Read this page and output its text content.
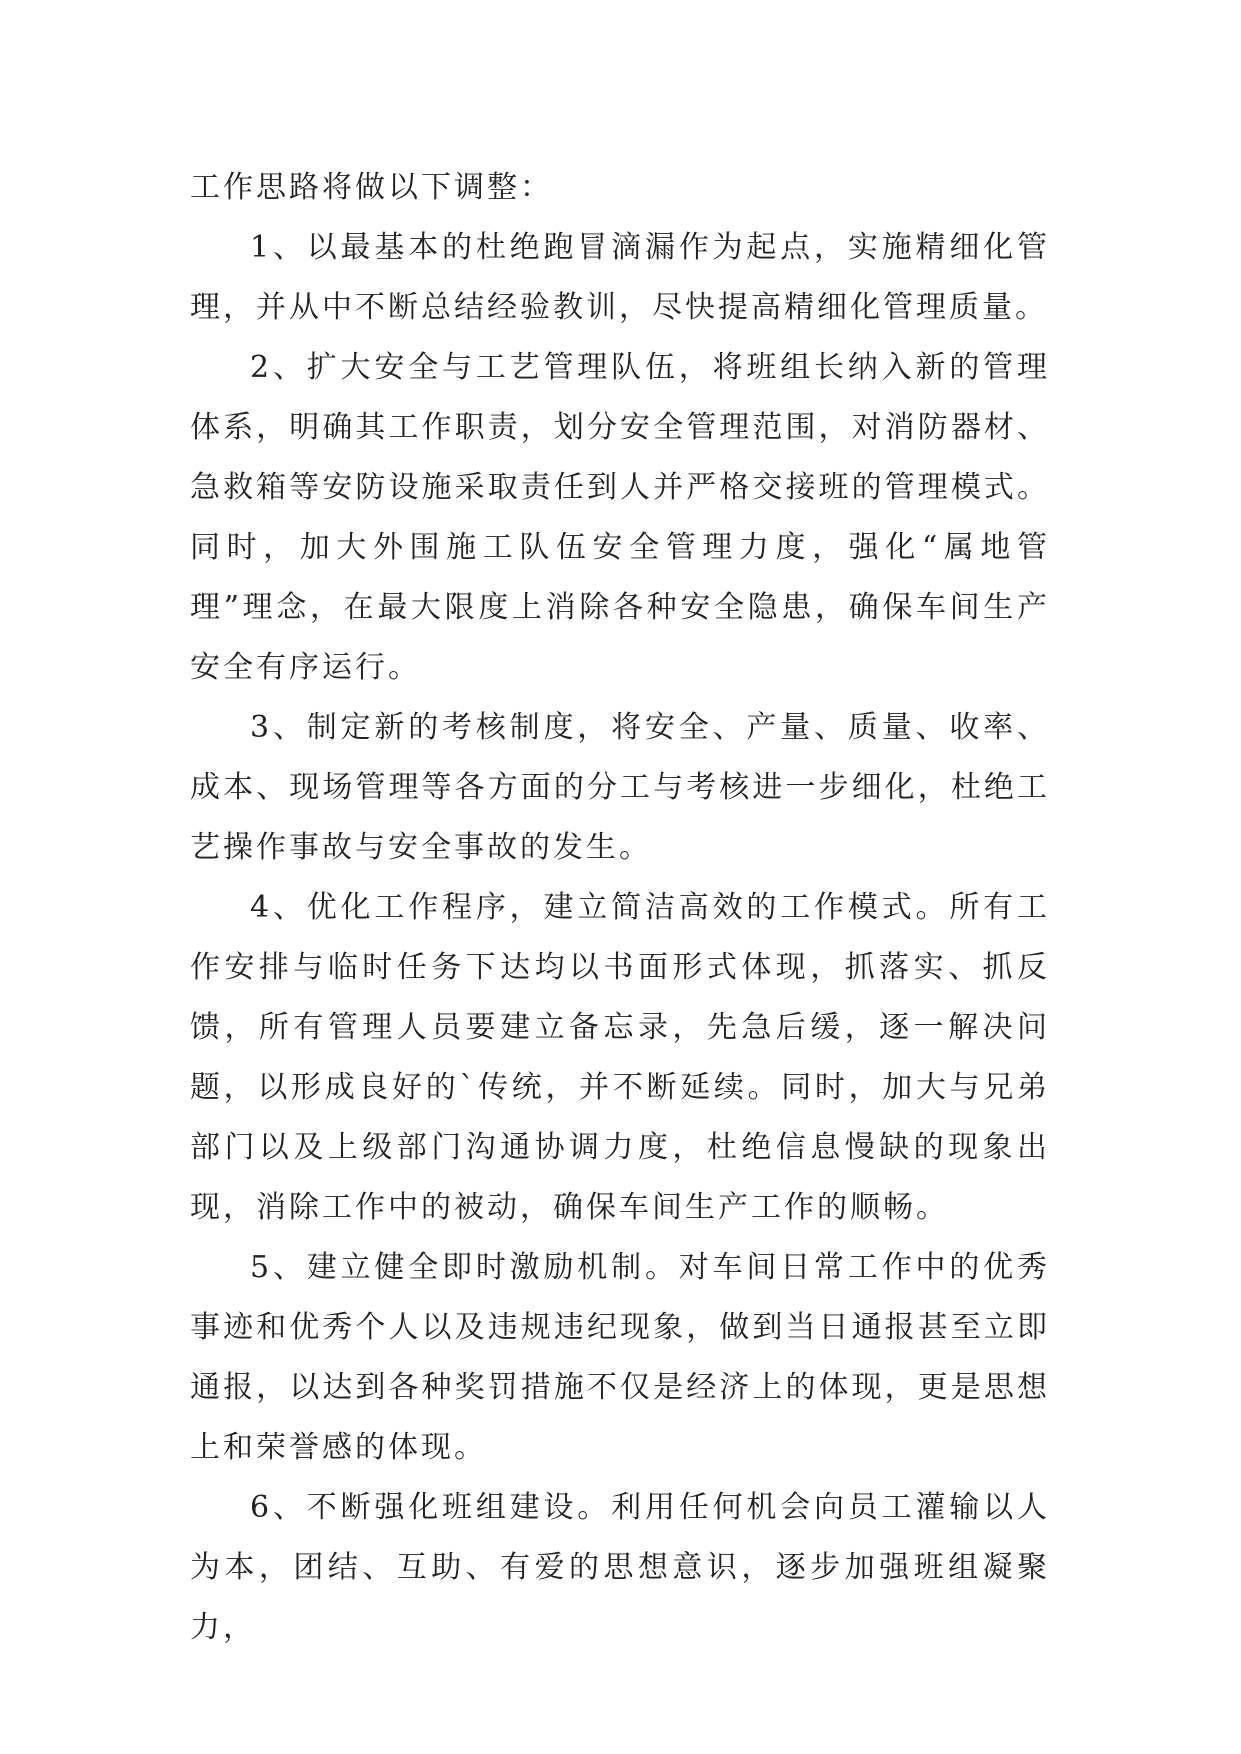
工作思路将做以下调整：

1、以最基本的杜绝跑冒滴漏作为起点，实施精细化管理，并从中不断总结经验教训，尽快提高精细化管理质量。

2、扩大安全与工艺管理队伍，将班组长纳入新的管理体系，明确其工作职责，划分安全管理范围，对消防器材、急救箱等安防设施采取责任到人并严格交接班的管理模式。同时，加大外围施工队伍安全管理力度，强化“属地管理”理念，在最大限度上消除各种安全隐患，确保车间生产安全有序运行。

3、制定新的考核制度，将安全、产量、质量、收率、成本、现场管理等各方面的分工与考核进一步细化，杜绝工艺操作事故与安全事故的发生。

4、优化工作程序，建立简洁高效的工作模式。所有工作安排与临时任务下达均以书面形式体现，抓落实、抓反馈，所有管理人员要建立备忘录，先急后缓，逐一解决问题，以形成良好的`传统，并不断延续。同时，加大与兄弟部门以及上级部门沟通协调力度，杜绝信息慢缺的现象出现，消除工作中的被动，确保车间生产工作的顺畅。

5、建立健全即时激励机制。对车间日常工作中的优秀事迹和优秀个人以及违规违纪现象，做到当日通报甚至立即通报，以达到各种奖罚措施不仅是经济上的体现，更是思想上和荣誉感的体现。

6、不断强化班组建设。利用任何机会向员工灌输以人为本，团结、互助、有爱的思想意识，逐步加强班组凝聚力，
